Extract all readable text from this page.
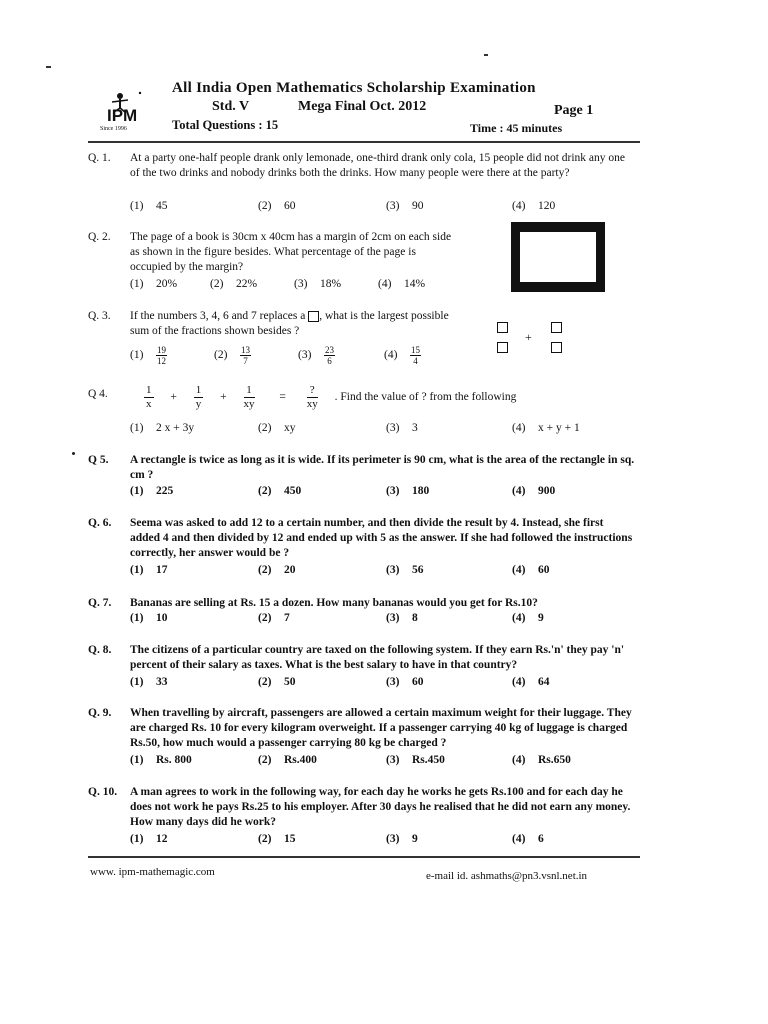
IPM
Since 1996
All India Open Mathematics Scholarship Examination
Std. V	Mega Final Oct. 2012	Page 1
Total Questions : 15	Time : 45 minutes
Q. 1.	At a party one-half people drank only lemonade, one-third drank only cola, 15 people did not drink any one of the two drinks and nobody drinks both the drinks. How many people were there at the party?
(1) 45	(2) 60	(3) 90	(4) 120
Q. 2.	The page of a book is 30cm x 40cm has a margin of 2cm on each side as shown in the figure besides. What percentage of the page is occupied by the margin?
(1) 20%	(2) 22%	(3) 18%	(4) 14%
Q. 3.	If the numbers 3, 4, 6 and 7 replaces a , what is the largest possible sum of the fractions shown besides ?
$(1) \frac{19}{12}$	$(2) \frac{13}{7}$	$(3) \frac{23}{6}$	$(4) \frac{15}{4}$
+
Q 4.	$\frac{1}{x} + \frac{1}{y} + \frac{1}{xy}$ =
?
xy . Find the value of ? from the following
(1) 2 x + 3y	(2) xy	(3) 3	(4) x + y + 1
Q 5.	A rectangle is twice as long as it is wide. If its perimeter is 90 cm, what is the area of the rectangle in sq. cm ?
(1) 225	(2) 450	(3) 180	(4) 900
Q. 6.	Seema was asked to add 12 to a certain number, and then divide the result by 4. Instead, she first added 4 and then divided by 12 and ended up with 5 as the answer. If she had followed the instructions correctly, her answer would be ?
(1) 17	(2) 20	(3) 56	(4) 60
Q. 7.	Bananas are selling at Rs. 15 a dozen. How many bananas would you get for Rs.10?
(1) 10	(2) 7	(3) 8	(4) 9
Q. 8.	The citizens of a particular country are taxed on the following system. If they earn Rs.'n' they pay 'n' percent of their salary as taxes. What is the best salary to have in that country?
(1) 33	(2) 50	(3) 60	(4) 64
Q. 9.	When travelling by aircraft, passengers are allowed a certain maximum weight for their luggage. They are charged Rs. 10 for every kilogram overweight. If a passenger carrying 40 kg of luggage is charged Rs.50, how much would a passenger carrying 80 kg be charged ?
(1) Rs. 800	(2) Rs.400	(3) Rs.450	(4) Rs.650
Q. 10.	A man agrees to work in the following way, for each day he works he gets Rs.100 and for each day he does not work he pays Rs.25 to his employer. After 30 days he realised that he did not earn any money. How many days did he work?
(1) 12	(2) 15	(3) 9	(4) 6
www. ipm-mathemagic.com	e-mail id. ashmaths@pn3.vsnl.net.in
